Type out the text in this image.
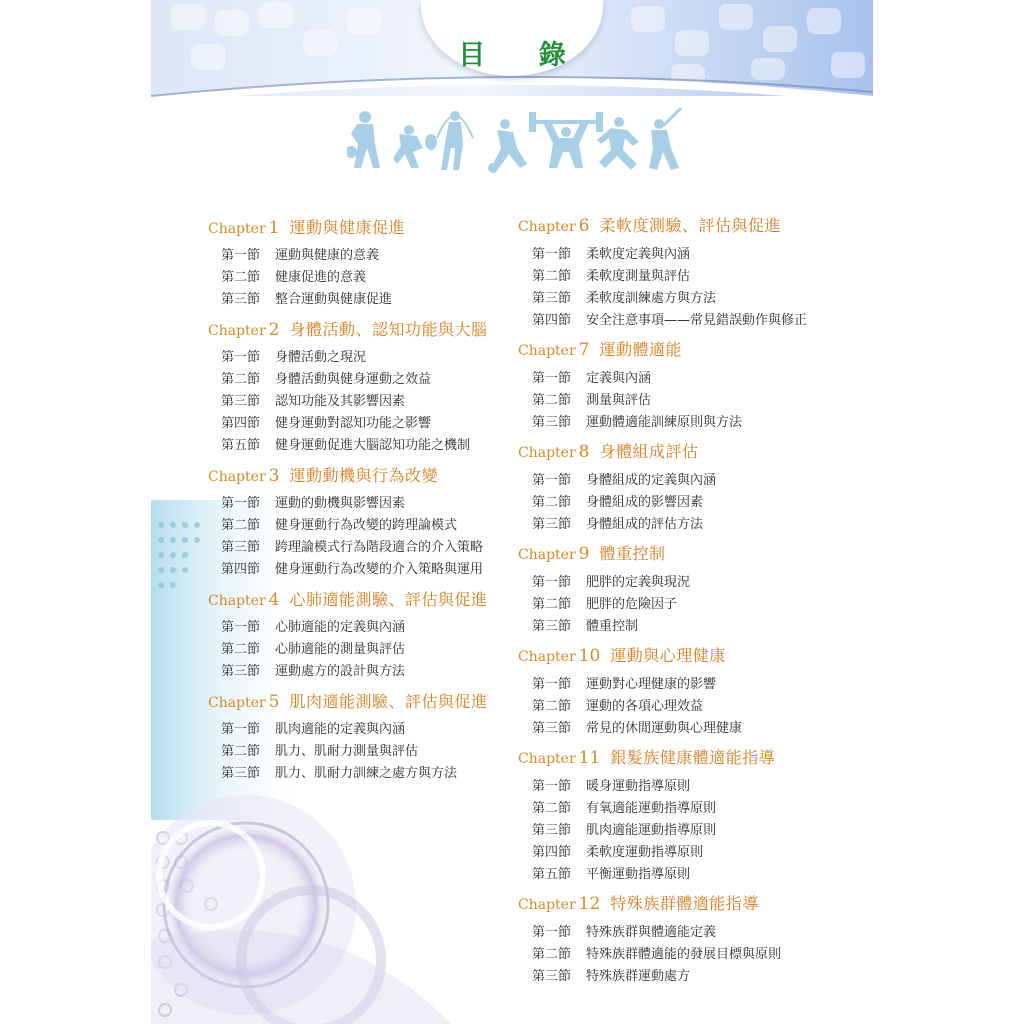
目 錄
Chapter 1 運動與健康促進
第一節 運動與健康的意義
第二節 健康促進的意義
第三節 整合運動與健康促進
Chapter 2 身體活動、認知功能與大腦
第一節 身體活動之現況
第二節 身體活動與健身運動之效益
第三節 認知功能及其影響因素
第四節 健身運動對認知功能之影響
第五節 健身運動促進大腦認知功能之機制
Chapter 3 運動動機與行為改變
第一節 運動的動機與影響因素
第二節 健身運動行為改變的跨理論模式
第三節 跨理論模式行為階段適合的介入策略
第四節 健身運動行為改變的介入策略與運用
Chapter 4 心肺適能測驗、評估與促進
第一節 心肺適能的定義與內涵
第二節 心肺適能的測量與評估
第三節 運動處方的設計與方法
Chapter 5 肌肉適能測驗、評估與促進
第一節 肌肉適能的定義與內涵
第二節 肌力、肌耐力測量與評估
第三節 肌力、肌耐力訓練之處方與方法
Chapter 6 柔軟度測驗、評估與促進
第一節 柔軟度定義與內涵
第二節 柔軟度測量與評估
第三節 柔軟度訓練處方與方法
第四節 安全注意事項——常見錯誤動作與修正
Chapter 7 運動體適能
第一節 定義與內涵
第二節 測量與評估
第三節 運動體適能訓練原則與方法
Chapter 8 身體組成評估
第一節 身體組成的定義與內涵
第二節 身體組成的影響因素
第三節 身體組成的評估方法
Chapter 9 體重控制
第一節 肥胖的定義與現況
第二節 肥胖的危險因子
第三節 體重控制
Chapter 10 運動與心理健康
第一節 運動對心理健康的影響
第二節 運動的各項心理效益
第三節 常見的休閒運動與心理健康
Chapter 11 銀髮族健康體適能指導
第一節 暖身運動指導原則
第二節 有氧適能運動指導原則
第三節 肌肉適能運動指導原則
第四節 柔軟度運動指導原則
第五節 平衡運動指導原則
Chapter 12 特殊族群體適能指導
第一節 特殊族群與體適能定義
第二節 特殊族群體適能的發展目標與原則
第三節 特殊族群運動處方
